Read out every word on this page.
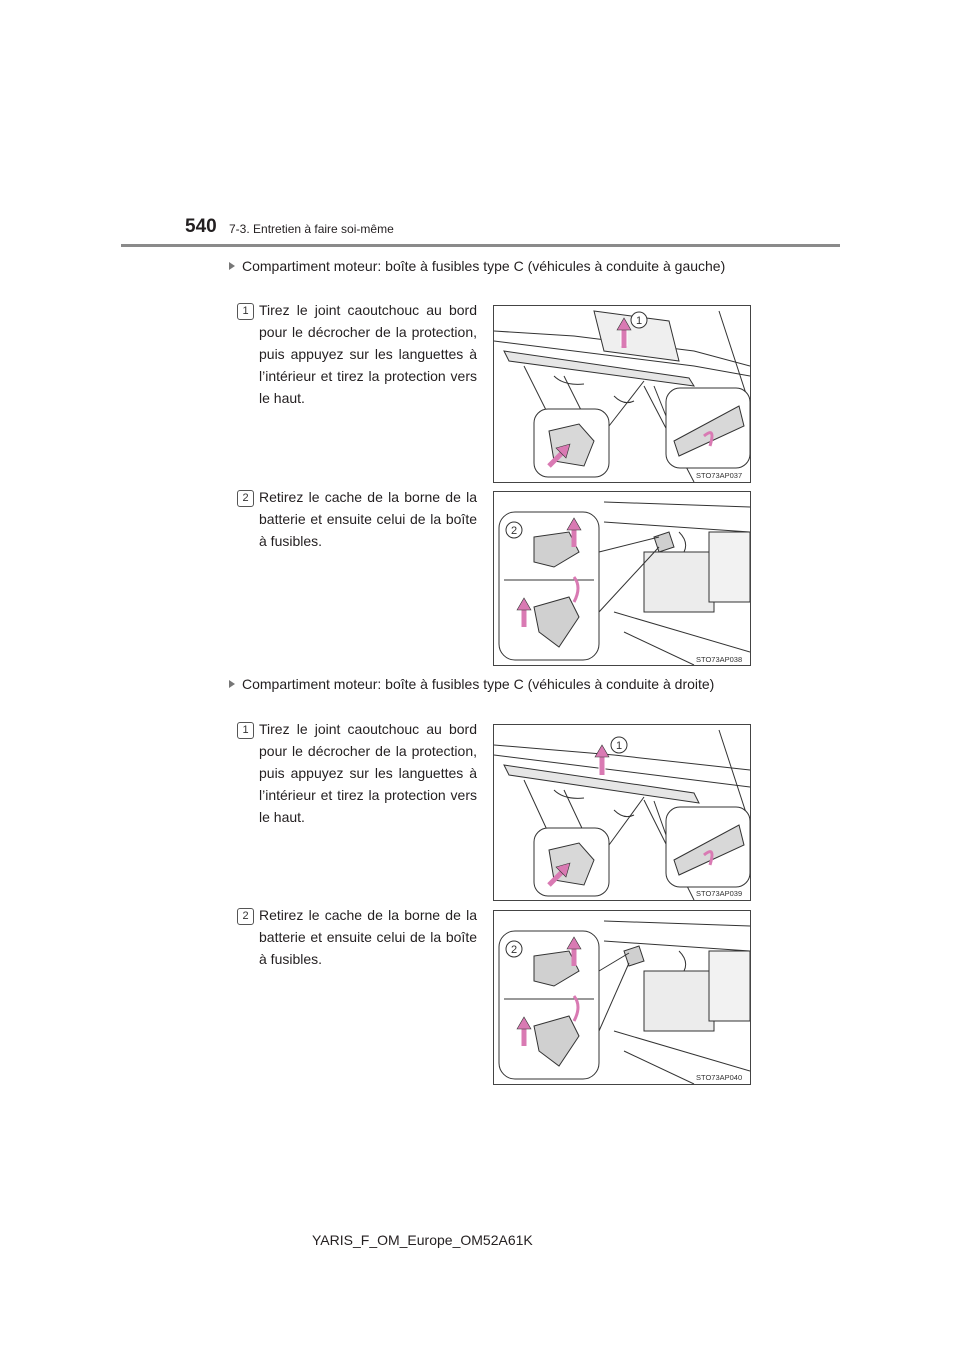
540 7-3. Entretien à faire soi-même
Compartiment moteur: boîte à fusibles type C (véhicules à conduite à gauche)
1 Tirez le joint caoutchouc au bord pour le décrocher de la protection, puis appuyez sur les languettes à l’intérieur et tirez la protection vers le haut.
1
STO73AP037
2 Retirez le cache de la borne de la batterie et ensuite celui de la boîte à fusibles.
2
STO73AP038
Compartiment moteur: boîte à fusibles type C (véhicules à conduite à droite)
1 Tirez le joint caoutchouc au bord pour le décrocher de la protection, puis appuyez sur les languettes à l’intérieur et tirez la protection vers le haut.
1
STO73AP039
2 Retirez le cache de la borne de la batterie et ensuite celui de la boîte à fusibles.
2
STO73AP040
YARIS_F_OM_Europe_OM52A61K
